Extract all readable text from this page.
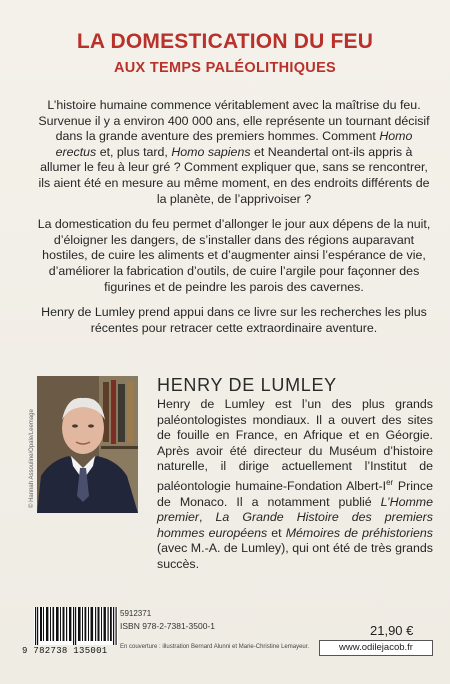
LA DOMESTICATION DU FEU
AUX TEMPS PALÉOLITHIQUES

L’histoire humaine commence véritablement avec la maîtrise du feu. Survenue il y a environ 400 000 ans, elle représente un tournant décisif dans la grande aventure des premiers hommes. Comment Homo erectus et, plus tard, Homo sapiens et Neandertal ont-ils appris à allumer le feu à leur gré ? Comment expliquer que, sans se rencontrer, ils aient été en mesure au même moment, en des endroits différents de la planète, de l’apprivoiser ?

La domestication du feu permet d’allonger le jour aux dépens de la nuit, d’éloigner les dangers, de s’installer dans des régions auparavant hostiles, de cuire les aliments et d’augmenter ainsi l’espérance de vie, d’améliorer la fabrication d’outils, de cuire l’argile pour façonner des figurines et de peindre les parois des cavernes.

Henry de Lumley prend appui dans ce livre sur les recherches les plus récentes pour retracer cette extraordinaire aventure.

© Hannah Assouline/Opale/Leemage
HENRY DE LUMLEY
Henry de Lumley est l’un des plus grands paléontologistes mondiaux. Il a ouvert des sites de fouille en France, en Afrique et en Géorgie. Après avoir été directeur du Muséum d’histoire naturelle, il dirige actuellement l’Institut de paléontologie humaine-Fondation Albert-Ier Prince de Monaco. Il a notamment publié L’Homme premier, La Grande Histoire des premiers hommes européens et Mémoires de préhistoriens (avec M.-A. de Lumley), qui ont été de très grands succès.
9 782738 135001
5912371
ISBN 978-2-7381-3500-1
En couverture : illustration Bernard Alunni et Marie-Christine Lemayeur.
21,90 €
www.odilejacob.fr
